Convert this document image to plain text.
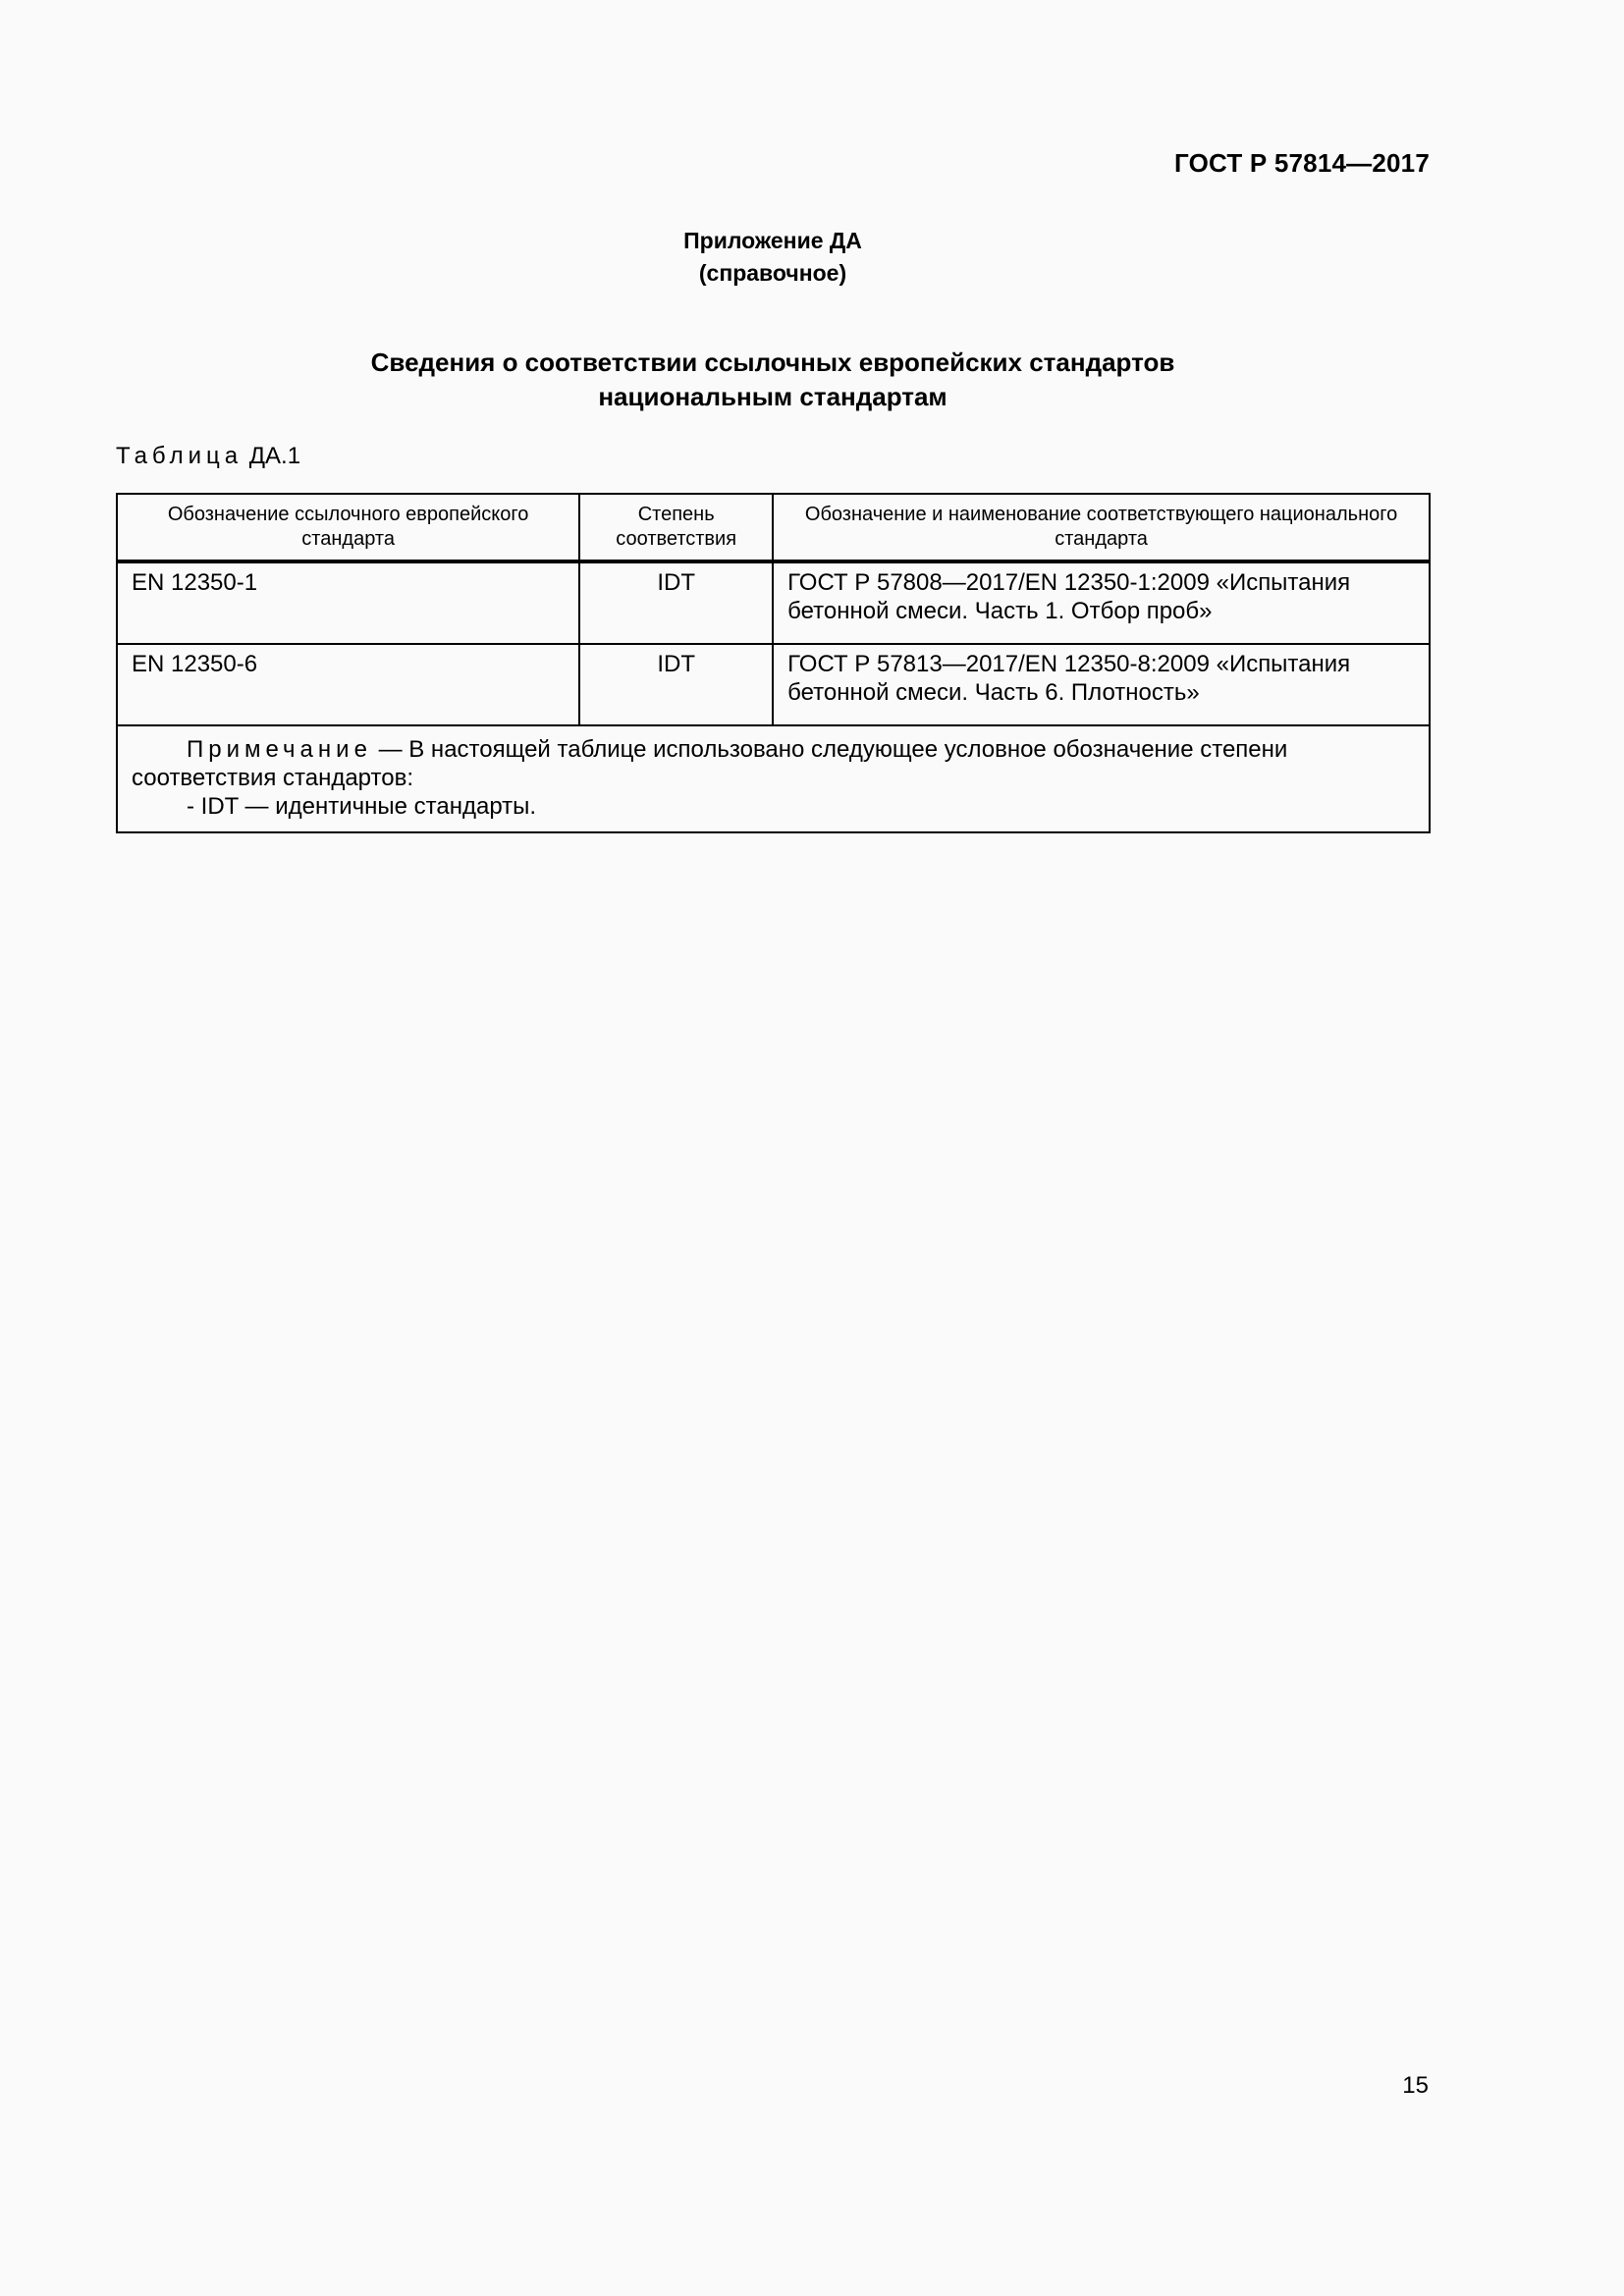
ГОСТ Р 57814—2017
Приложение ДА
(справочное)
Сведения о соответствии ссылочных европейских стандартов
национальным стандартам
Таблица ДА.1
Обозначение ссылочного европейского стандарта	Степень соответствия	Обозначение и наименование соответствующего национального стандарта
EN 12350-1	IDT	ГОСТ Р 57808—2017/EN 12350-1:2009 «Испытания бетонной смеси. Часть 1. Отбор проб»
EN 12350-6	IDT	ГОСТ Р 57813—2017/EN 12350-8:2009 «Испытания бетонной смеси. Часть 6. Плотность»

Примечание — В настоящей таблице использовано следующее условное обозначение степени соответствия стандартов:
- IDT — идентичные стандарты.		
15
